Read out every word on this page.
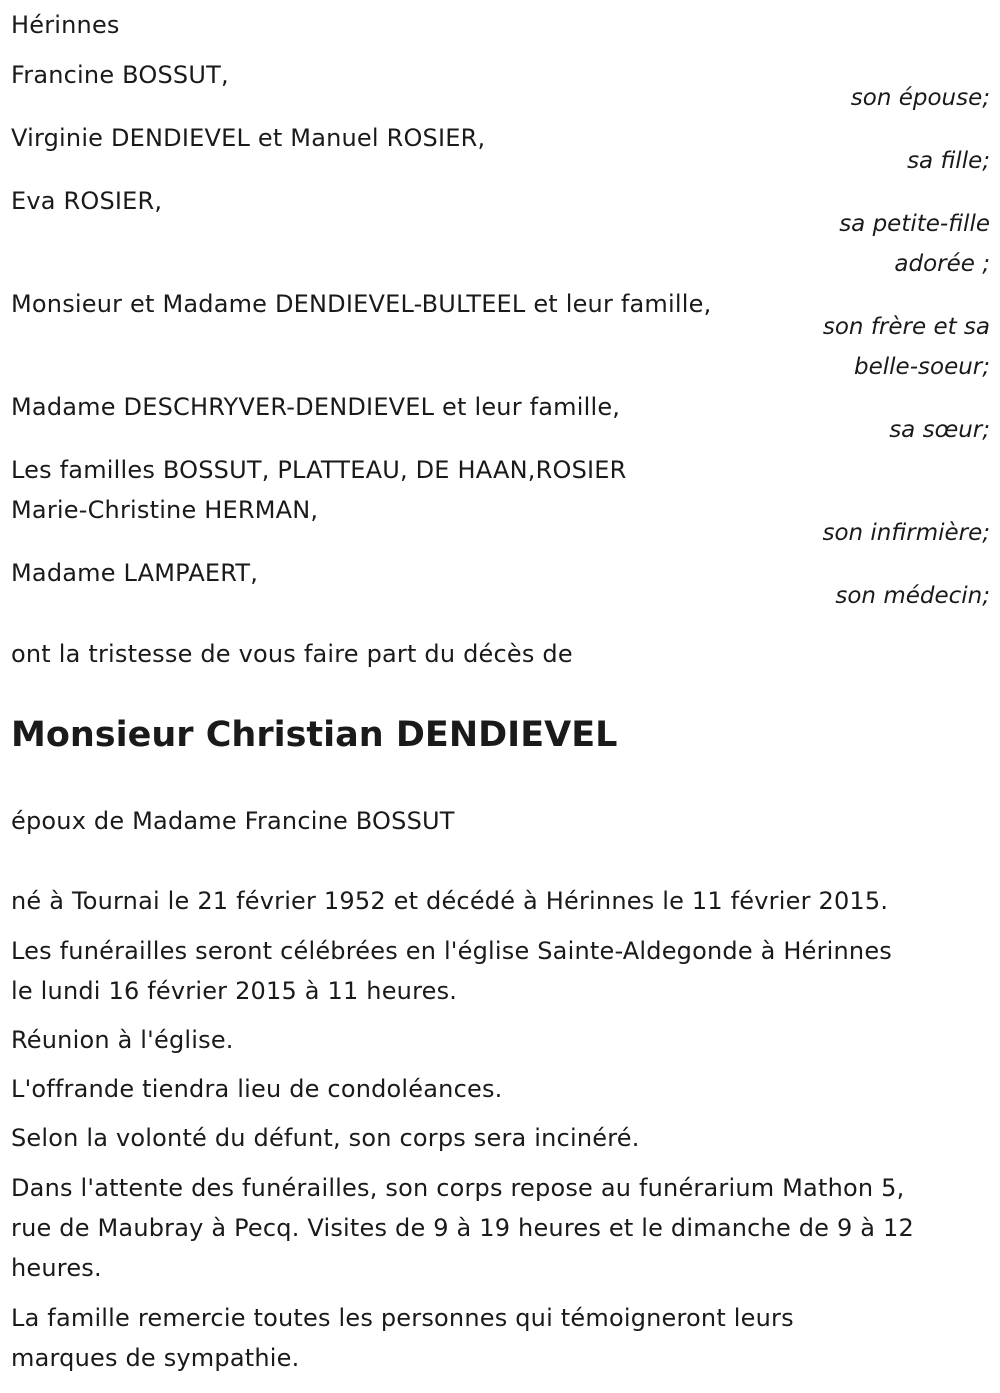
Hérinnes
Francine BOSSUT,
son épouse;
Virginie DENDIEVEL et Manuel ROSIER,
sa fille;
Eva ROSIER,
sa petite-fille
adorée ;
Monsieur et Madame DENDIEVEL-BULTEEL et leur famille,
son frère et sa
belle-soeur;
Madame DESCHRYVER-DENDIEVEL et leur famille,
sa sœur;
Les familles BOSSUT, PLATTEAU, DE HAAN,ROSIER
Marie-Christine HERMAN,
son infirmière;
Madame LAMPAERT,
son médecin;
ont la tristesse de vous faire part du décès de
Monsieur Christian DENDIEVEL
époux de Madame Francine BOSSUT
né à Tournai le 21 février 1952 et décédé à Hérinnes le 11 février 2015.
Les funérailles seront célébrées en l'église Sainte-Aldegonde à Hérinnes
le lundi 16 février 2015 à 11 heures.
Réunion à l'église.
L'offrande tiendra lieu de condoléances.
Selon la volonté du défunt, son corps sera incinéré.
Dans l'attente des funérailles, son corps repose au funérarium Mathon 5,
rue de Maubray à Pecq. Visites de 9 à 19 heures et le dimanche de 9 à 12
heures.
La famille remercie toutes les personnes qui témoigneront leurs
marques de sympathie.
